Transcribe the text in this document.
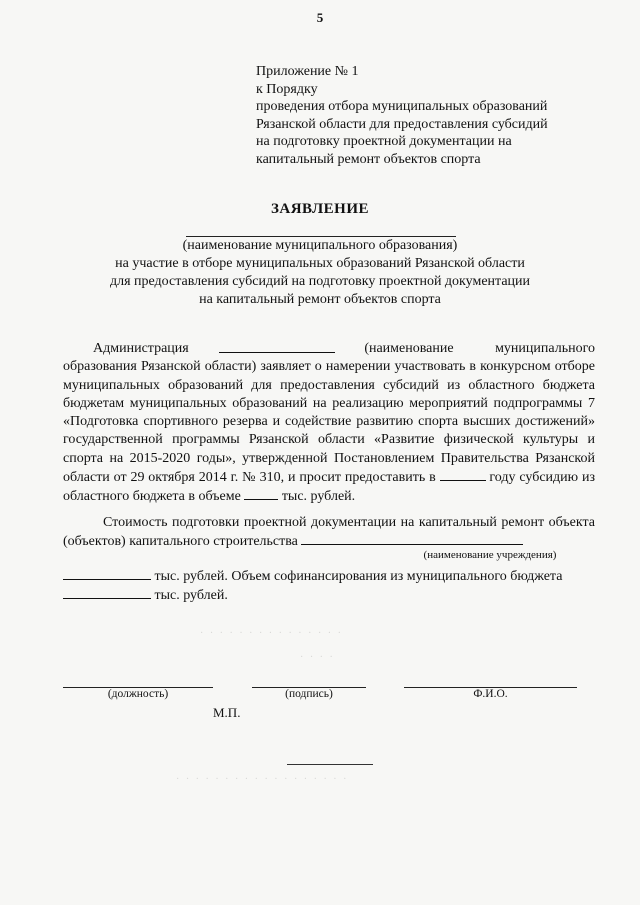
5
Приложение № 1
к Порядку
проведения отбора муниципальных образований
Рязанской области для предоставления субсидий
на подготовку проектной документации на
капитальный ремонт объектов спорта
ЗАЯВЛЕНИЕ
(наименование муниципального образования)
на участие в отборе муниципальных образований Рязанской области
для предоставления субсидий на подготовку проектной документации
на капитальный ремонт объектов спорта
Администрация	(наименование муниципального
образования Рязанской области) заявляет о намерении участвовать в конкурсном отборе муниципальных образований для предоставления субсидий из областного бюджета бюджетам муниципальных образований на реализацию мероприятий подпрограммы 7 «Подготовка спортивного резерва и содействие развитию спорта высших достижений» государственной программы Рязанской области «Развитие физической культуры и спорта на 2015-2020 годы», утвержденной Постановлением Правительства Рязанской области от 29 октября 2014 г. № 310, и просит предоставить в	году субсидию из областного бюджета в объеме	тыс. рублей.
Стоимость подготовки проектной документации на капитальный ремонт объекта (объектов) капитального строительства
(наименование учреждения)
тыс. рублей. Объем софинансирования из муниципального бюджета
тыс. рублей.
· · · · · · · · · · · · · · ·
· · · ·
· · · · · · · · · · · · · · · · · ·
(должность)	(подпись)	Ф.И.О.
М.П.
